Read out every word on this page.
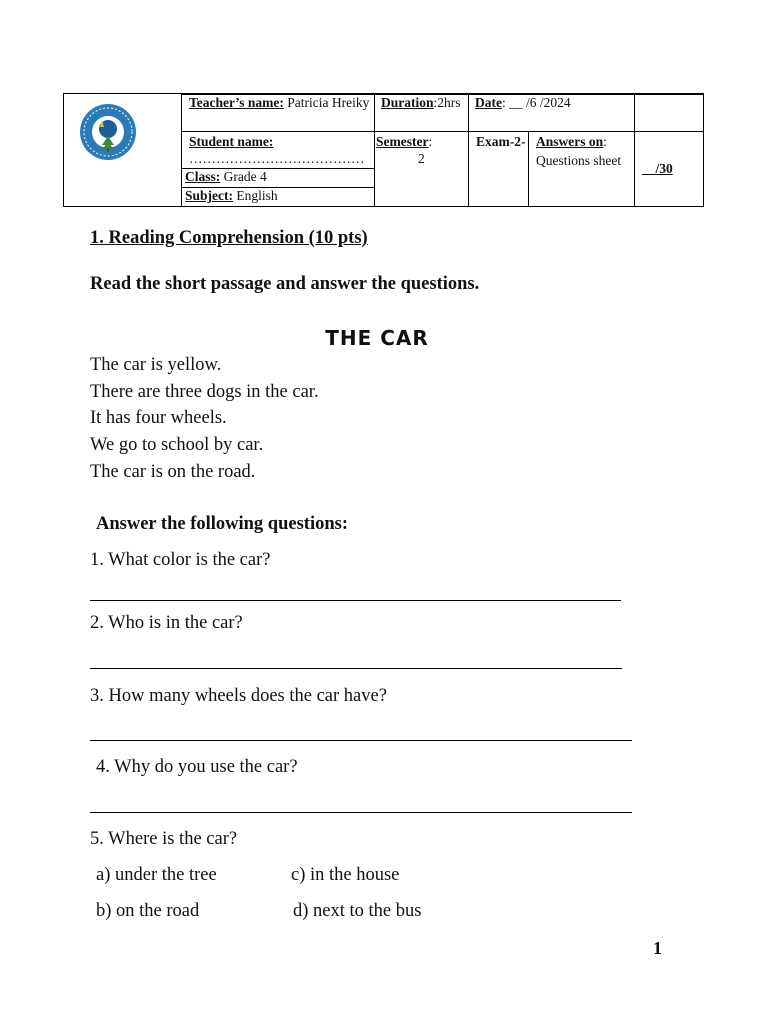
Teacher’s name: Patricia Hreiky Duration:2hrs Date: __ /6 /2024
Student name:
…………………………………
Semester:
2
Exam-2- Answers on:
Questions sheet
__/30
Class: Grade 4
Subject: English
1. Reading Comprehension (10 pts)
Read the short passage and answer the questions.
THE CAR
The car is yellow.
There are three dogs in the car.
It has four wheels.
We go to school by car.
The car is on the road.
Answer the following questions:
1. What color is the car?
2. Who is in the car?
3. How many wheels does the car have?
4. Why do you use the car?
5. Where is the car?
a) under the tree	c) in the house
b) on the road	d) next to the bus
1
